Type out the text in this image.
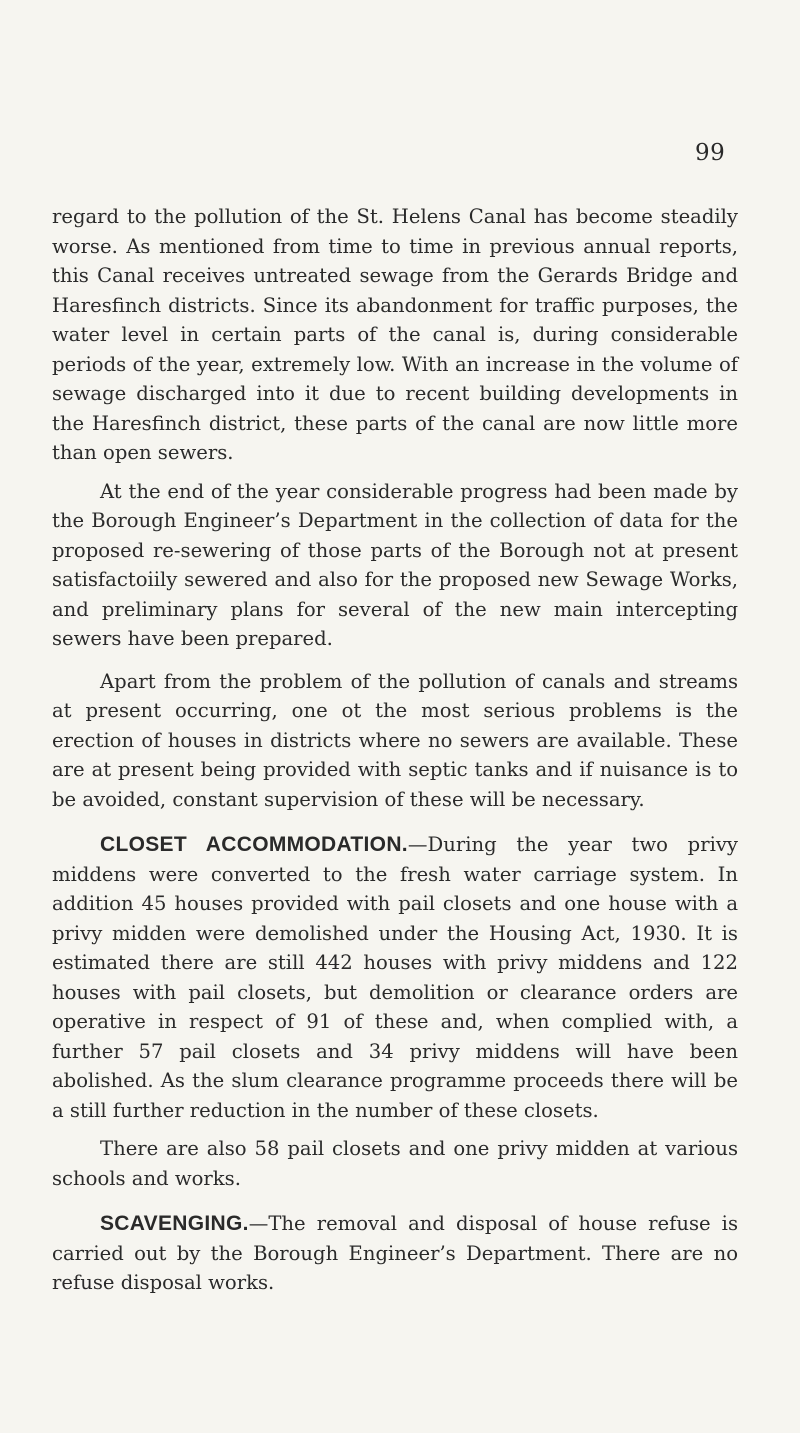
99

regard to the pollution of the St. Helens Canal has become steadily worse. As mentioned from time to time in previous annual reports, this Canal receives untreated sewage from the Gerards Bridge and Haresfinch districts. Since its abandonment for traffic purposes, the water level in certain parts of the canal is, during considerable periods of the year, extremely low. With an increase in the volume of sewage discharged into it due to recent building developments in the Haresfinch district, these parts of the canal are now little more than open sewers.

At the end of the year considerable progress had been made by the Borough Engineer’s Department in the collection of data for the proposed re-sewering of those parts of the Borough not at present satisfactoiily sewered and also for the proposed new Sewage Works, and preliminary plans for several of the new main intercepting sewers have been prepared.

Apart from the problem of the pollution of canals and streams at present occurring, one ot the most serious problems is the erection of houses in districts where no sewers are available. These are at present being provided with septic tanks and if nuisance is to be avoided, constant supervision of these will be necessary.

CLOSET ACCOMMODATION.—During the year two privy middens were converted to the fresh water carriage system. In addition 45 houses provided with pail closets and one house with a privy midden were demolished under the Housing Act, 1930. It is estimated there are still 442 houses with privy middens and 122 houses with pail closets, but demolition or clearance orders are operative in respect of 91 of these and, when complied with, a further 57 pail closets and 34 privy middens will have been abolished. As the slum clearance programme proceeds there will be a still further reduction in the number of these closets.

There are also 58 pail closets and one privy midden at various schools and works.

SCAVENGING.—The removal and disposal of house refuse is carried out by the Borough Engineer’s Department. There are no refuse disposal works.
